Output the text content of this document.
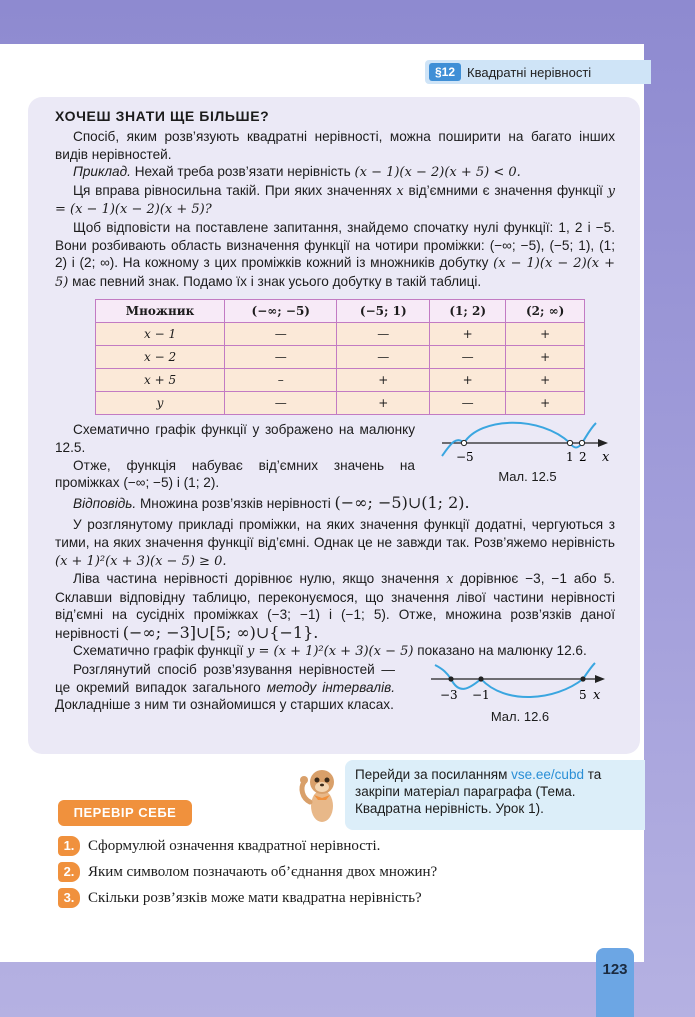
§12 Квадратні нерівності
ХОЧЕШ ЗНАТИ ЩЕ БІЛЬШЕ?

Спосіб, яким розв’язують квадратні нерівності, можна поширити на багато інших видів нерівностей.

Приклад. Нехай треба розв’язати нерівність (x − 1)(x − 2)(x + 5) < 0.

Ця вправа рівносильна такій. При яких значеннях x від’ємними є значення функції y = (x − 1)(x − 2)(x + 5)?

Щоб відповісти на поставлене запитання, знайдемо спочатку нулі функції: 1, 2 і −5. Вони розбивають область визначення функції на чотири проміжки: (−∞; −5), (−5; 1), (1; 2) і (2; ∞). На кожному з цих проміжків кожний із множників добутку (x − 1)(x − 2)(x + 5) має певний знак. Подамо їх і знак усього добутку в такій таблиці.

Множник	(−∞; −5)	(−5; 1)	(1; 2)	(2; ∞)
x − 1	—	—	+	+
x − 2	—	—	—	+
x + 5	–	+	+	+
y	—	+	—	+

Схематично графік функції y зображено на малюнку 12.5.

Отже, функція набуває від’ємних значень на проміжках (−∞; −5) і (1; 2).

−5	1 2 x
Мал. 12.5

Відповідь. Множина розв’язків нерівності (−∞; −5)∪(1; 2).

У розглянутому прикладі проміжки, на яких значення функції додатні, чергуються з тими, на яких значення функції від’ємні. Однак це не завжди так. Розв’яжемо нерівність (x + 1)²(x + 3)(x − 5) ≥ 0.

Ліва частина нерівності дорівнює нулю, якщо значення x дорівнює −3, −1 або 5. Склавши відповідну таблицю, переконуємося, що значення лівої частини нерівності від’ємні на сусідніх проміжках (−3; −1) і (−1; 5). Отже, множина розв’язків даної нерівності (−∞; −3]∪[5; ∞)∪{−1}.

Схематично графік функції y = (x + 1)²(x + 3)(x − 5) показано на малюнку 12.6.

Розглянутий спосіб розв’язування нерівностей — це окремий випадок загального методу інтервалів. Докладніше з ним ти ознайомишся у старших класах.

−3 −1	5 x
Мал. 12.6
Перейди за посиланням vse.ee/cubd та закріпи матеріал параграфа (Тема. Квадратна нерівність. Урок 1).
ПЕРЕВІР СЕБЕ
1. Сформулюй означення квадратної нерівності.
2. Яким символом позначають об’єднання двох множин?
3. Скільки розв’язків може мати квадратна нерівність?
123
